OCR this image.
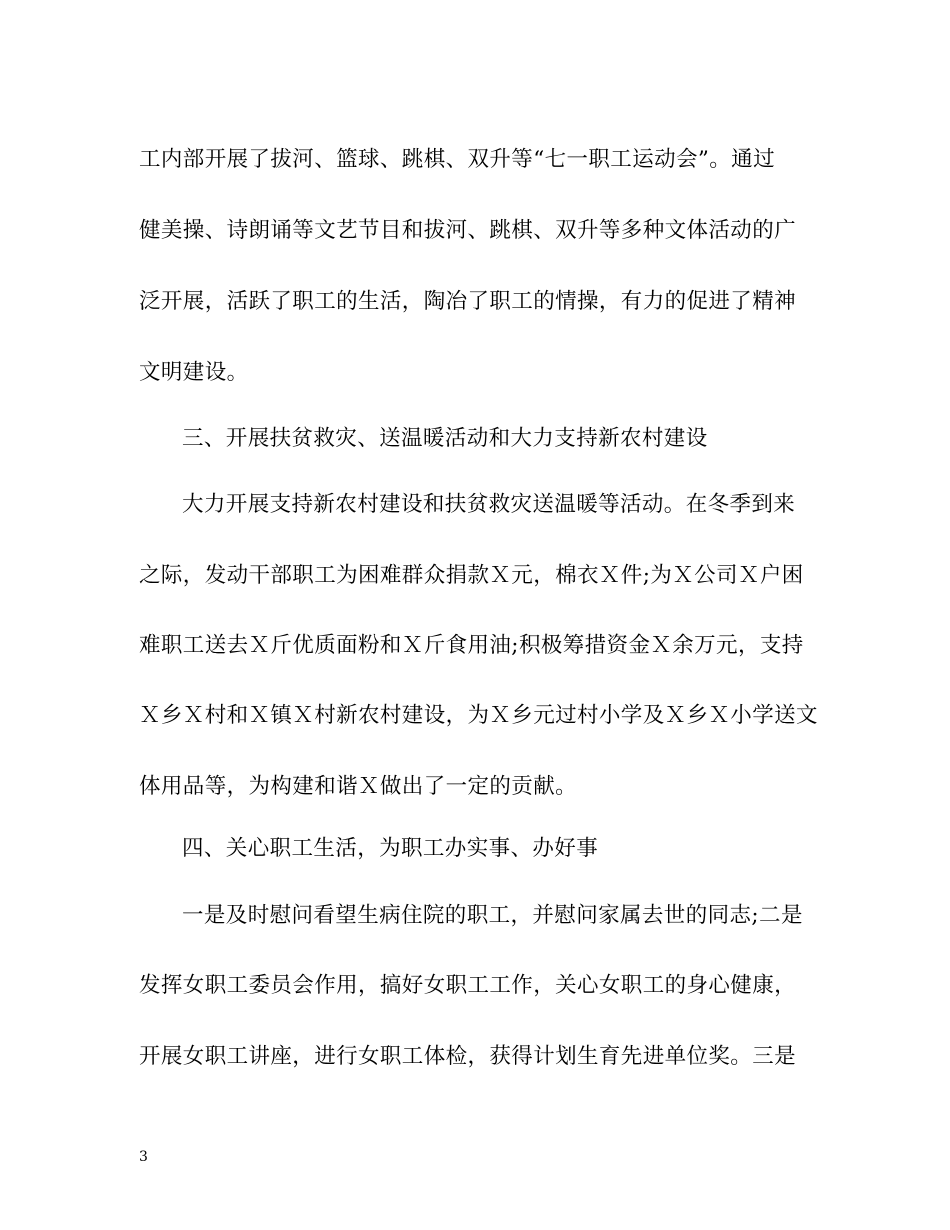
工内部开展了拔河、篮球、跳棋、双升等“七一职工运动会”。通过
健美操、诗朗诵等文艺节目和拔河、跳棋、双升等多种文体活动的广
泛开展，活跃了职工的生活，陶冶了职工的情操，有力的促进了精神
文明建设。
三、开展扶贫救灾、送温暖活动和大力支持新农村建设
大力开展支持新农村建设和扶贫救灾送温暖等活动。在冬季到来
之际，发动干部职工为困难群众捐款Ｘ元，棉衣Ｘ件;为Ｘ公司Ｘ户困
难职工送去Ｘ斤优质面粉和Ｘ斤食用油;积极筹措资金Ｘ余万元，支持
Ｘ乡Ｘ村和Ｘ镇Ｘ村新农村建设，为Ｘ乡元过村小学及Ｘ乡Ｘ小学送文
体用品等，为构建和谐Ｘ做出了一定的贡献。
四、关心职工生活，为职工办实事、办好事
一是及时慰问看望生病住院的职工，并慰问家属去世的同志;二是
发挥女职工委员会作用，搞好女职工工作，关心女职工的身心健康，
开展女职工讲座，进行女职工体检，获得计划生育先进单位奖。三是
3
